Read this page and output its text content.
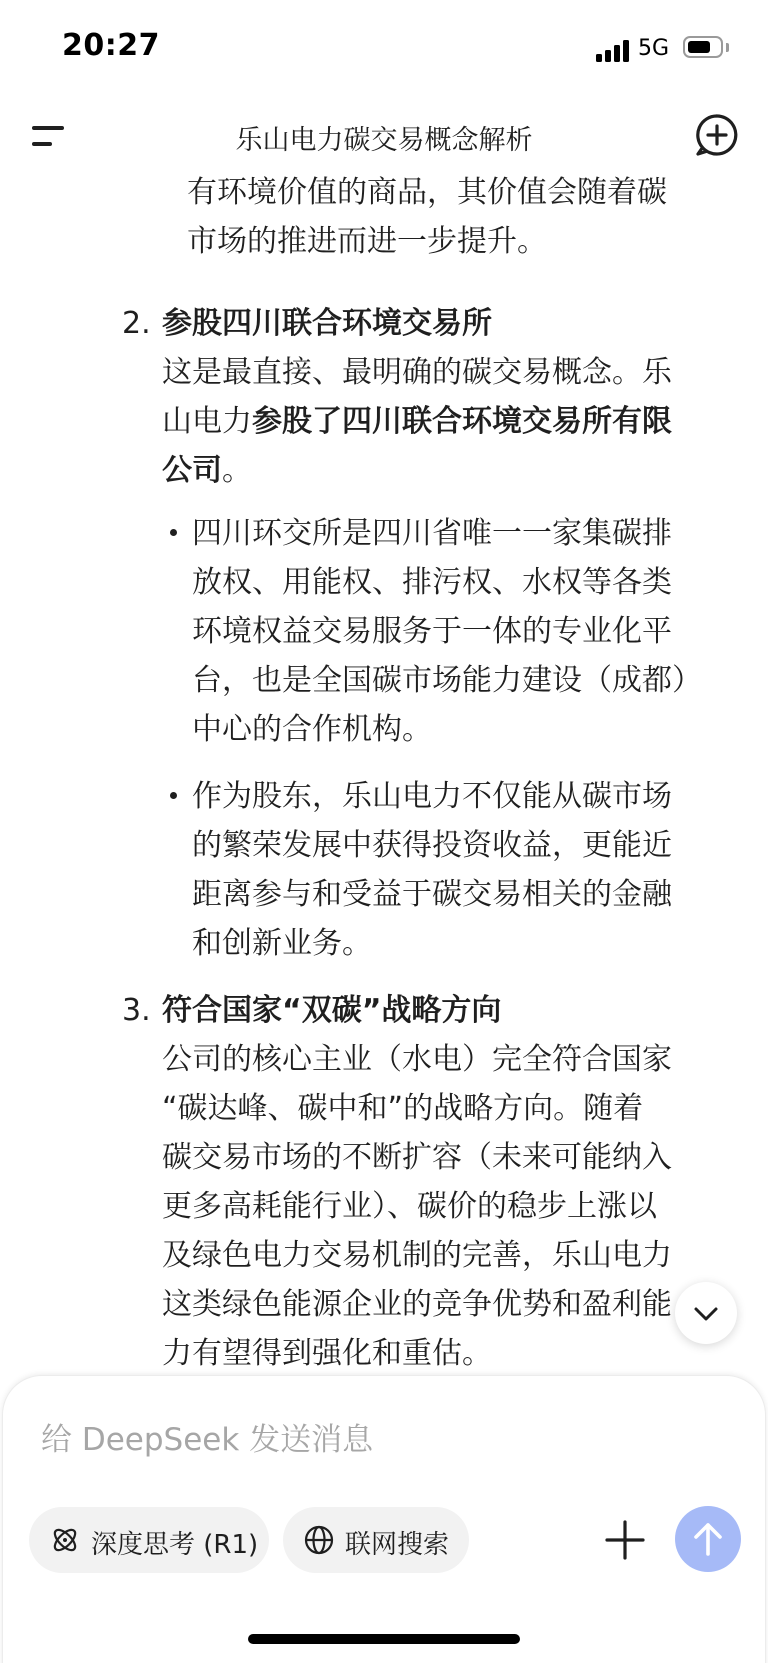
20:27	5G
乐山电力碳交易概念解析
有环境价值的商品，其价值会随着碳
市场的推进而进一步提升。
2. 参股四川联合环境交易所
这是最直接、最明确的碳交易概念。乐
山电力参股了四川联合环境交易所有限
公司。
四川环交所是四川省唯一一家集碳排
放权、用能权、排污权、水权等各类
环境权益交易服务于一体的专业化平
台，也是全国碳市场能力建设（成都）
中心的合作机构。
作为股东，乐山电力不仅能从碳市场
的繁荣发展中获得投资收益，更能近
距离参与和受益于碳交易相关的金融
和创新业务。
3. 符合国家“双碳”战略方向
公司的核心主业（水电）完全符合国家
“碳达峰、碳中和”的战略方向。随着
碳交易市场的不断扩容（未来可能纳入
更多高耗能行业）、碳价的稳步上涨以
及绿色电力交易机制的完善，乐山电力
这类绿色能源企业的竞争优势和盈利能
力有望得到强化和重估。
给 DeepSeek 发送消息
深度思考 (R1)	联网搜索
